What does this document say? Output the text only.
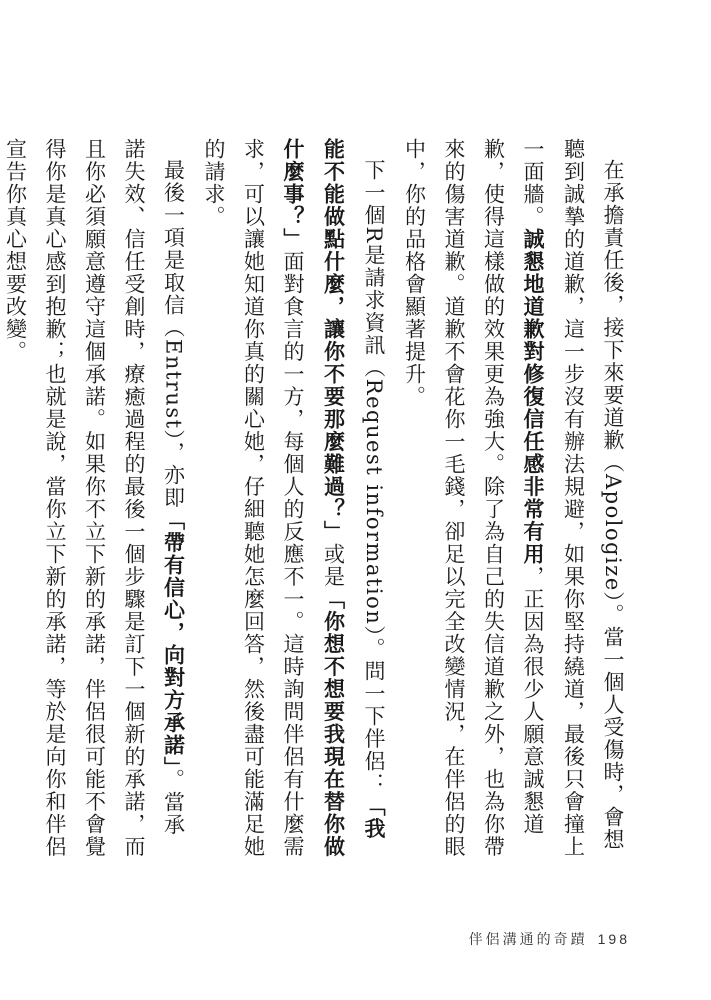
在承擔責任後，接下來要道歉（Apologize）。當一個人受傷時，會想聽到誠摯的道歉，這一步沒有辦法規避，如果你堅持繞道，最後只會撞上一面牆。誠懇地道歉對修復信任感非常有用，正因為很少人願意誠懇道歉，使得這樣做的效果更為強大。除了為自己的失信道歉之外，也為你帶來的傷害道歉。道歉不會花你一毛錢，卻足以完全改變情況，在伴侶的眼中，你的品格會顯著提升。

下一個R是請求資訊（Request information）。問一下伴侶：「我能不能做點什麼，讓你不要那麼難過？」或是「你想不想要我現在替你做什麼事？」面對食言的一方，每個人的反應不一。這時詢問伴侶有什麼需求，可以讓她知道你真的關心她，仔細聽她怎麼回答，然後盡可能滿足她的請求。

最後一項是取信（Entrust），亦即「帶有信心，向對方承諾」。當承諾失效、信任受創時，療癒過程的最後一個步驟是訂下一個新的承諾，而且你必須願意遵守這個承諾。如果你不立下新的承諾，伴侶很可能不會覺得你是真心感到抱歉；也就是說，當你立下新的承諾，等於是向你和伴侶宣告你真心想要改變。

伴侶溝通的奇蹟 198
